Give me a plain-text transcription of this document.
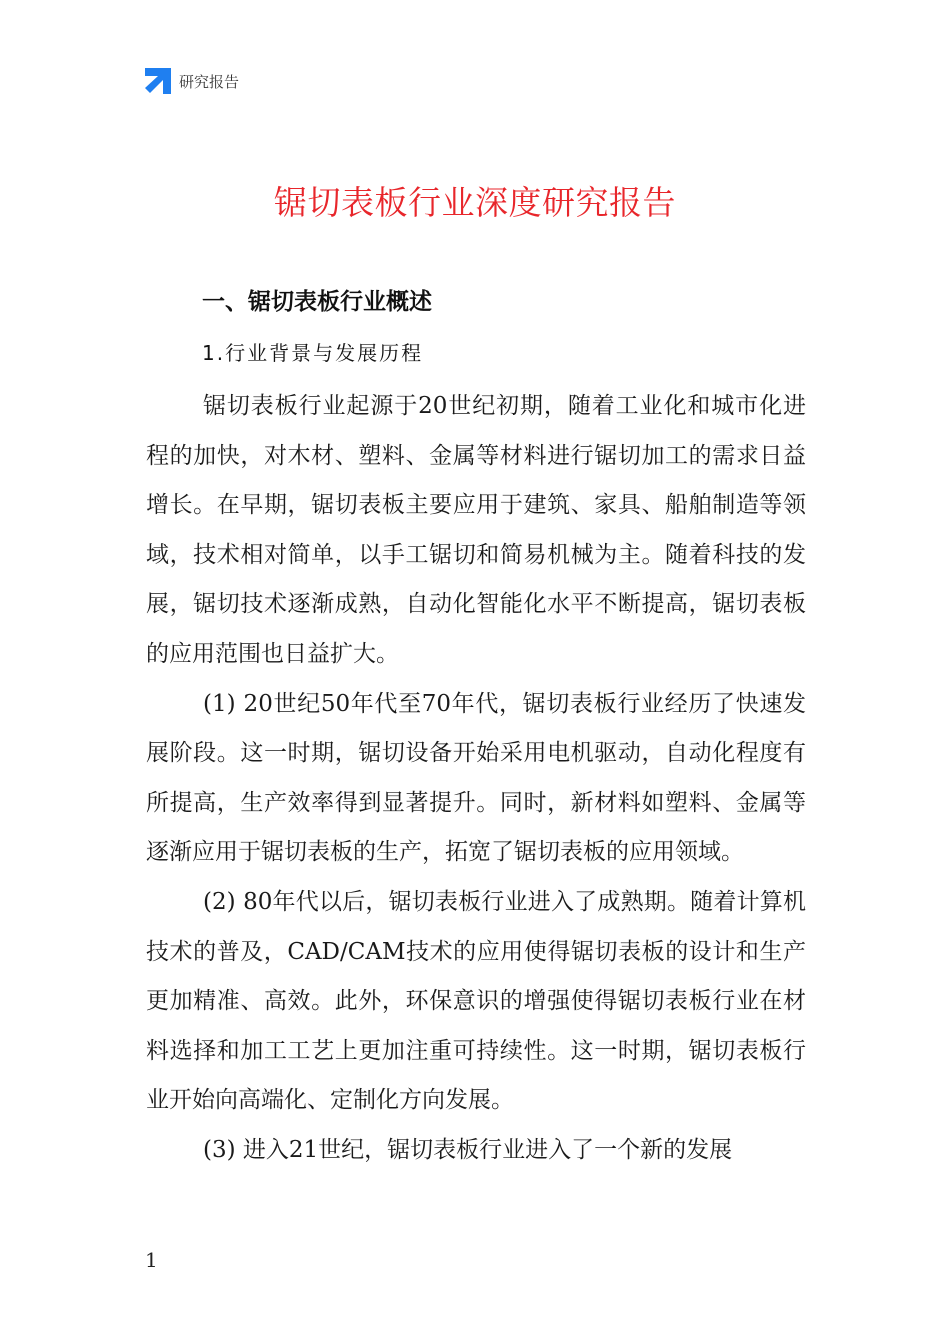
研究报告
锯切表板行业深度研究报告
一、锯切表板行业概述
1.行业背景与发展历程

锯切表板行业起源于20世纪初期，随着工业化和城市化进程的加快，对木材、塑料、金属等材料进行锯切加工的需求日益增长。在早期，锯切表板主要应用于建筑、家具、船舶制造等领域，技术相对简单，以手工锯切和简易机械为主。随着科技的发展，锯切技术逐渐成熟，自动化智能化水平不断提高，锯切表板的应用范围也日益扩大。

(1) 20世纪50年代至70年代，锯切表板行业经历了快速发展阶段。这一时期，锯切设备开始采用电机驱动，自动化程度有所提高，生产效率得到显著提升。同时，新材料如塑料、金属等逐渐应用于锯切表板的生产，拓宽了锯切表板的应用领域。

(2) 80年代以后，锯切表板行业进入了成熟期。随着计算机技术的普及，CAD/CAM技术的应用使得锯切表板的设计和生产更加精准、高效。此外，环保意识的增强使得锯切表板行业在材料选择和加工工艺上更加注重可持续性。这一时期，锯切表板行业开始向高端化、定制化方向发展。

(3) 进入21世纪，锯切表板行业进入了一个新的发展

1
